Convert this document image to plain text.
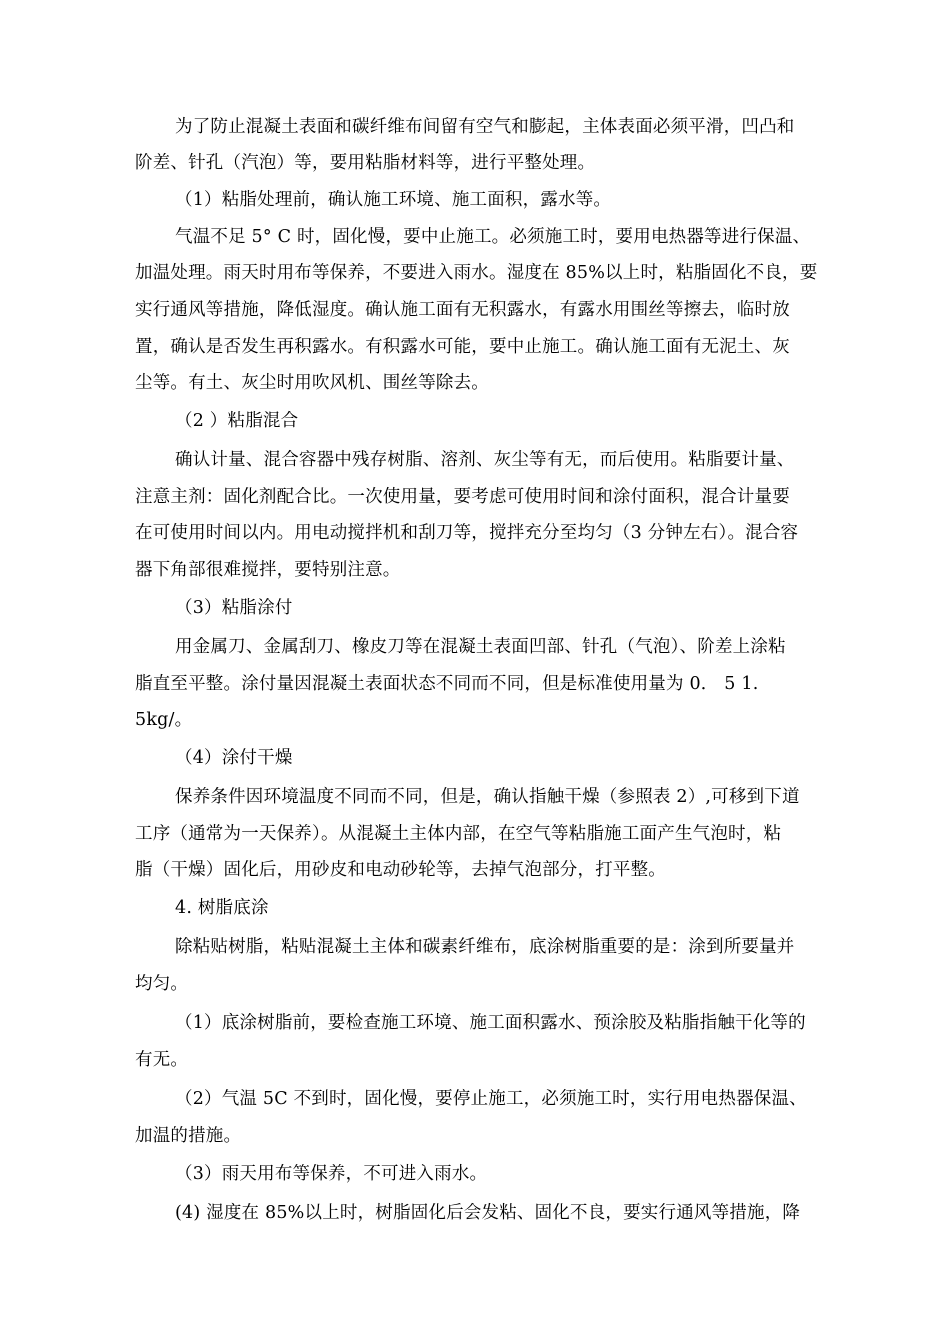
为了防止混凝土表面和碳纤维布间留有空气和膨起，主体表面必须平滑，凹凸和
阶差、针孔（汽泡）等，要用粘脂材料等，进行平整处理。
（1）粘脂处理前，确认施工环境、施工面积，露水等。
气温不足 5° C 时，固化慢，要中止施工。必须施工时，要用电热器等进行保温、
加温处理。雨天时用布等保养，不要进入雨水。湿度在 85%以上时，粘脂固化不良，要
实行通风等措施，降低湿度。确认施工面有无积露水，有露水用围丝等擦去，临时放
置，确认是否发生再积露水。有积露水可能，要中止施工。确认施工面有无泥土、灰
尘等。有土、灰尘时用吹风机、围丝等除去。
（2 ）粘脂混合
确认计量、混合容器中残存树脂、溶剂、灰尘等有无，而后使用。粘脂要计量、
注意主剂：固化剂配合比。一次使用量，要考虑可使用时间和涂付面积，混合计量要
在可使用时间以内。用电动搅拌机和刮刀等，搅拌充分至均匀（3 分钟左右）。混合容
器下角部很难搅拌，要特别注意。
（3）粘脂涂付
用金属刀、金属刮刀、橡皮刀等在混凝土表面凹部、针孔（气泡）、阶差上涂粘
脂直至平整。涂付量因混凝土表面状态不同而不同，但是标准使用量为 0． 5 1.
5kg/。
（4）涂付干燥
保养条件因环境温度不同而不同，但是，确认指触干燥（参照表 2）,可移到下道
工序（通常为一天保养）。从混凝土主体内部，在空气等粘脂施工面产生气泡时，粘
脂（干燥）固化后，用砂皮和电动砂轮等，去掉气泡部分，打平整。
4. 树脂底涂
除粘贴树脂，粘贴混凝土主体和碳素纤维布，底涂树脂重要的是：涂到所要量并
均匀。
（1）底涂树脂前，要检查施工环境、施工面积露水、预涂胶及粘脂指触干化等的
有无。
（2）气温 5C 不到时，固化慢，要停止施工，必须施工时，实行用电热器保温、
加温的措施。
（3）雨天用布等保养，不可进入雨水。
(4) 湿度在 85%以上时，树脂固化后会发粘、固化不良，要实行通风等措施，降
